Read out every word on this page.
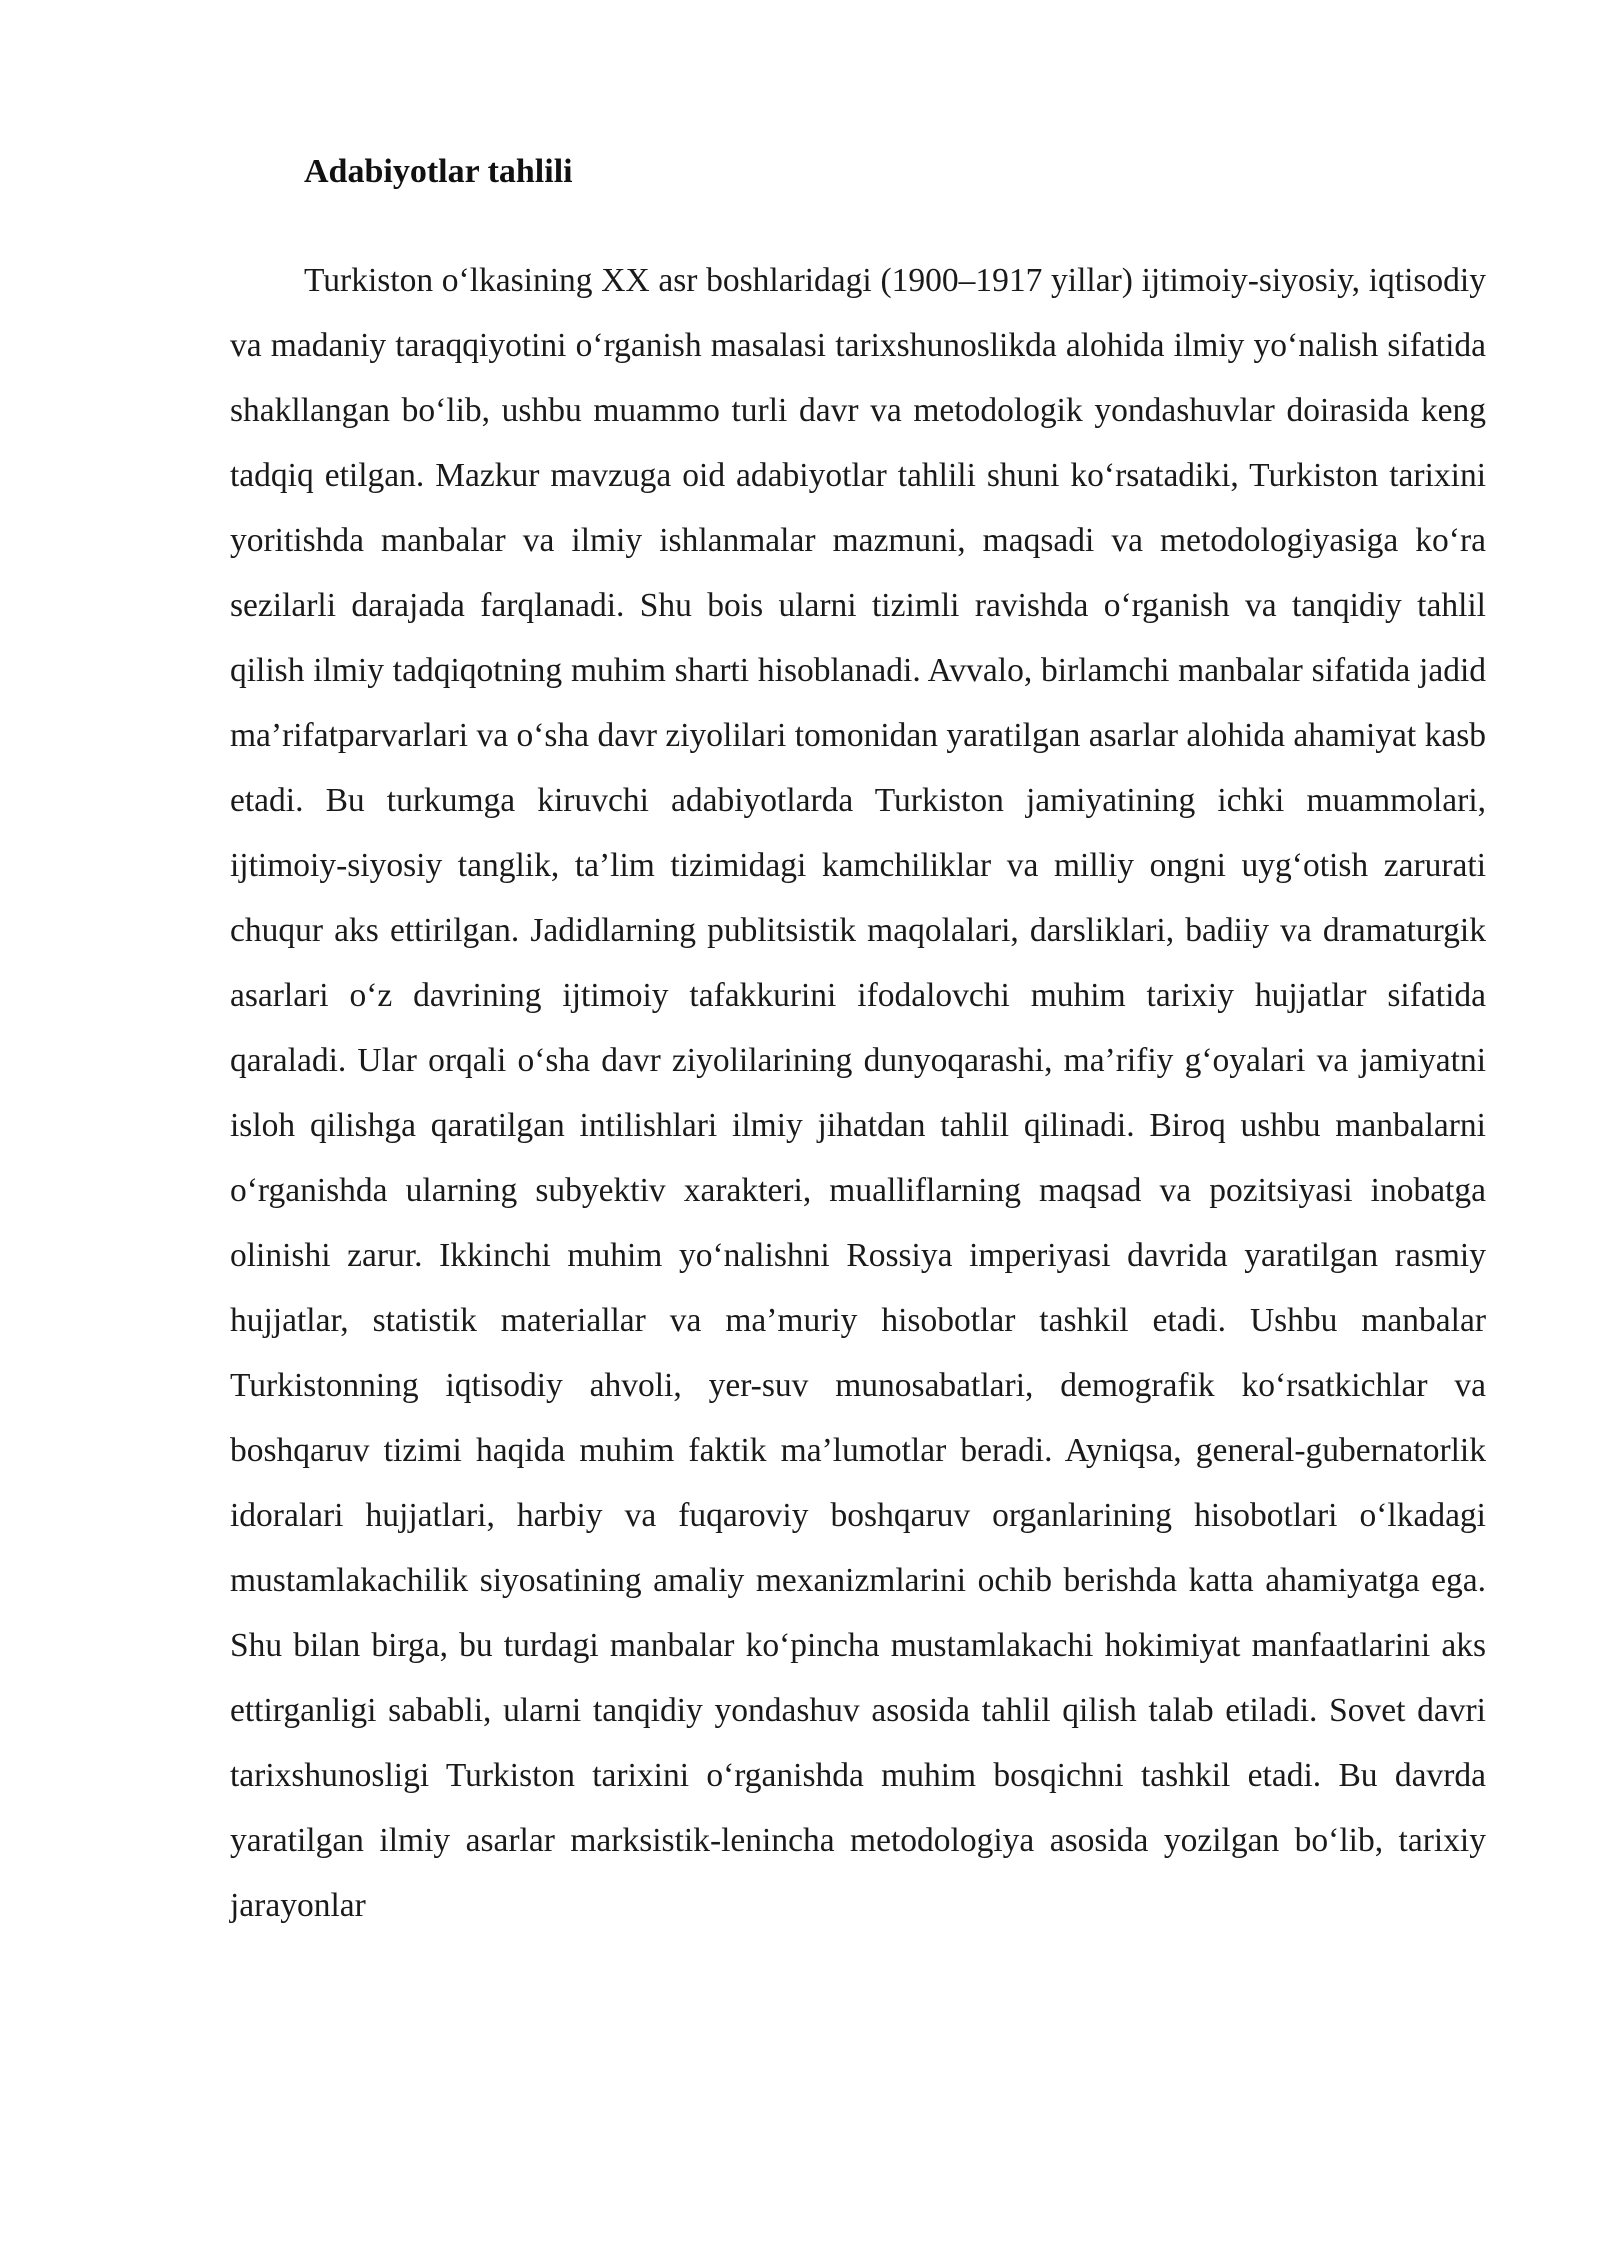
Adabiyotlar tahlili

Turkiston o‘lkasining XX asr boshlaridagi (1900–1917 yillar) ijtimoiy-siyosiy, iqtisodiy va madaniy taraqqiyotini o‘rganish masalasi tarixshunoslikda alohida ilmiy yo‘nalish sifatida shakllangan bo‘lib, ushbu muammo turli davr va metodologik yondashuvlar doirasida keng tadqiq etilgan. Mazkur mavzuga oid adabiyotlar tahlili shuni ko‘rsatadiki, Turkiston tarixini yoritishda manbalar va ilmiy ishlanmalar mazmuni, maqsadi va metodologiyasiga ko‘ra sezilarli darajada farqlanadi. Shu bois ularni tizimli ravishda o‘rganish va tanqidiy tahlil qilish ilmiy tadqiqotning muhim sharti hisoblanadi. Avvalo, birlamchi manbalar sifatida jadid ma’rifatparvarlari va o‘sha davr ziyolilari tomonidan yaratilgan asarlar alohida ahamiyat kasb etadi. Bu turkumga kiruvchi adabiyotlarda Turkiston jamiyatining ichki muammolari, ijtimoiy-siyosiy tanglik, ta’lim tizimidagi kamchiliklar va milliy ongni uyg‘otish zarurati chuqur aks ettirilgan. Jadidlarning publitsistik maqolalari, darsliklari, badiiy va dramaturgik asarlari o‘z davrining ijtimoiy tafakkurini ifodalovchi muhim tarixiy hujjatlar sifatida qaraladi. Ular orqali o‘sha davr ziyolilarining dunyoqarashi, ma’rifiy g‘oyalari va jamiyatni isloh qilishga qaratilgan intilishlari ilmiy jihatdan tahlil qilinadi. Biroq ushbu manbalarni o‘rganishda ularning subyektiv xarakteri, mualliflarning maqsad va pozitsiyasi inobatga olinishi zarur. Ikkinchi muhim yo‘nalishni Rossiya imperiyasi davrida yaratilgan rasmiy hujjatlar, statistik materiallar va ma’muriy hisobotlar tashkil etadi. Ushbu manbalar Turkistonning iqtisodiy ahvoli, yer-suv munosabatlari, demografik ko‘rsatkichlar va boshqaruv tizimi haqida muhim faktik ma’lumotlar beradi. Ayniqsa, general-gubernatorlik idoralari hujjatlari, harbiy va fuqaroviy boshqaruv organlarining hisobotlari o‘lkadagi mustamlakachilik siyosatining amaliy mexanizmlarini ochib berishda katta ahamiyatga ega. Shu bilan birga, bu turdagi manbalar ko‘pincha mustamlakachi hokimiyat manfaatlarini aks ettirganligi sababli, ularni tanqidiy yondashuv asosida tahlil qilish talab etiladi. Sovet davri tarixshunosligi Turkiston tarixini o‘rganishda muhim bosqichni tashkil etadi. Bu davrda yaratilgan ilmiy asarlar marksistik-lenincha metodologiya asosida yozilgan bo‘lib, tarixiy jarayonlar
